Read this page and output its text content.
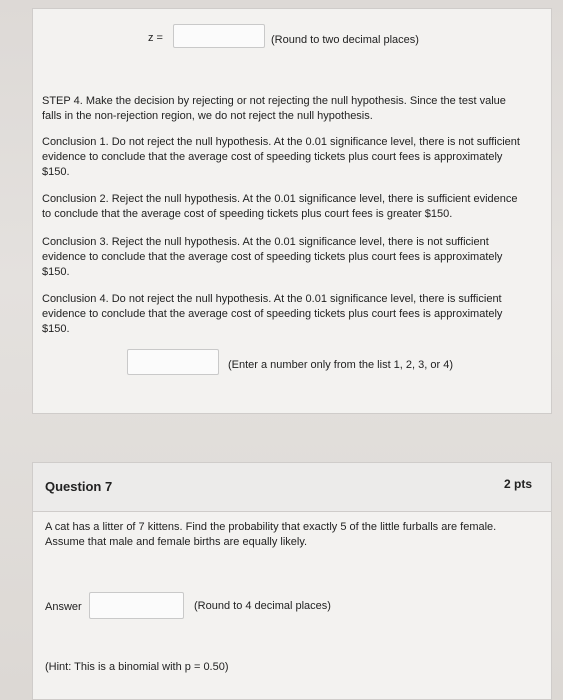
z =	(Round to two decimal places)
STEP 4. Make the decision by rejecting or not rejecting the null hypothesis. Since the test value falls in the non-rejection region, we do not reject the null hypothesis.
Conclusion 1. Do not reject the null hypothesis. At the 0.01 significance level, there is not sufficient evidence to conclude that the average cost of speeding tickets plus court fees is approximately $150.
Conclusion 2. Reject the null hypothesis. At the 0.01 significance level, there is sufficient evidence to conclude that the average cost of speeding tickets plus court fees is greater $150.
Conclusion 3. Reject the null hypothesis. At the 0.01 significance level, there is not sufficient evidence to conclude that the average cost of speeding tickets plus court fees is approximately $150.
Conclusion 4. Do not reject the null hypothesis. At the 0.01 significance level, there is sufficient evidence to conclude that the average cost of speeding tickets plus court fees is approximately $150.
(Enter a number only from the list 1, 2, 3, or 4)
Question 7	2 pts
A cat has a litter of 7 kittens. Find the probability that exactly 5 of the little furballs are female. Assume that male and female births are equally likely.
Answer	(Round to 4 decimal places)
(Hint: This is a binomial with p = 0.50)
